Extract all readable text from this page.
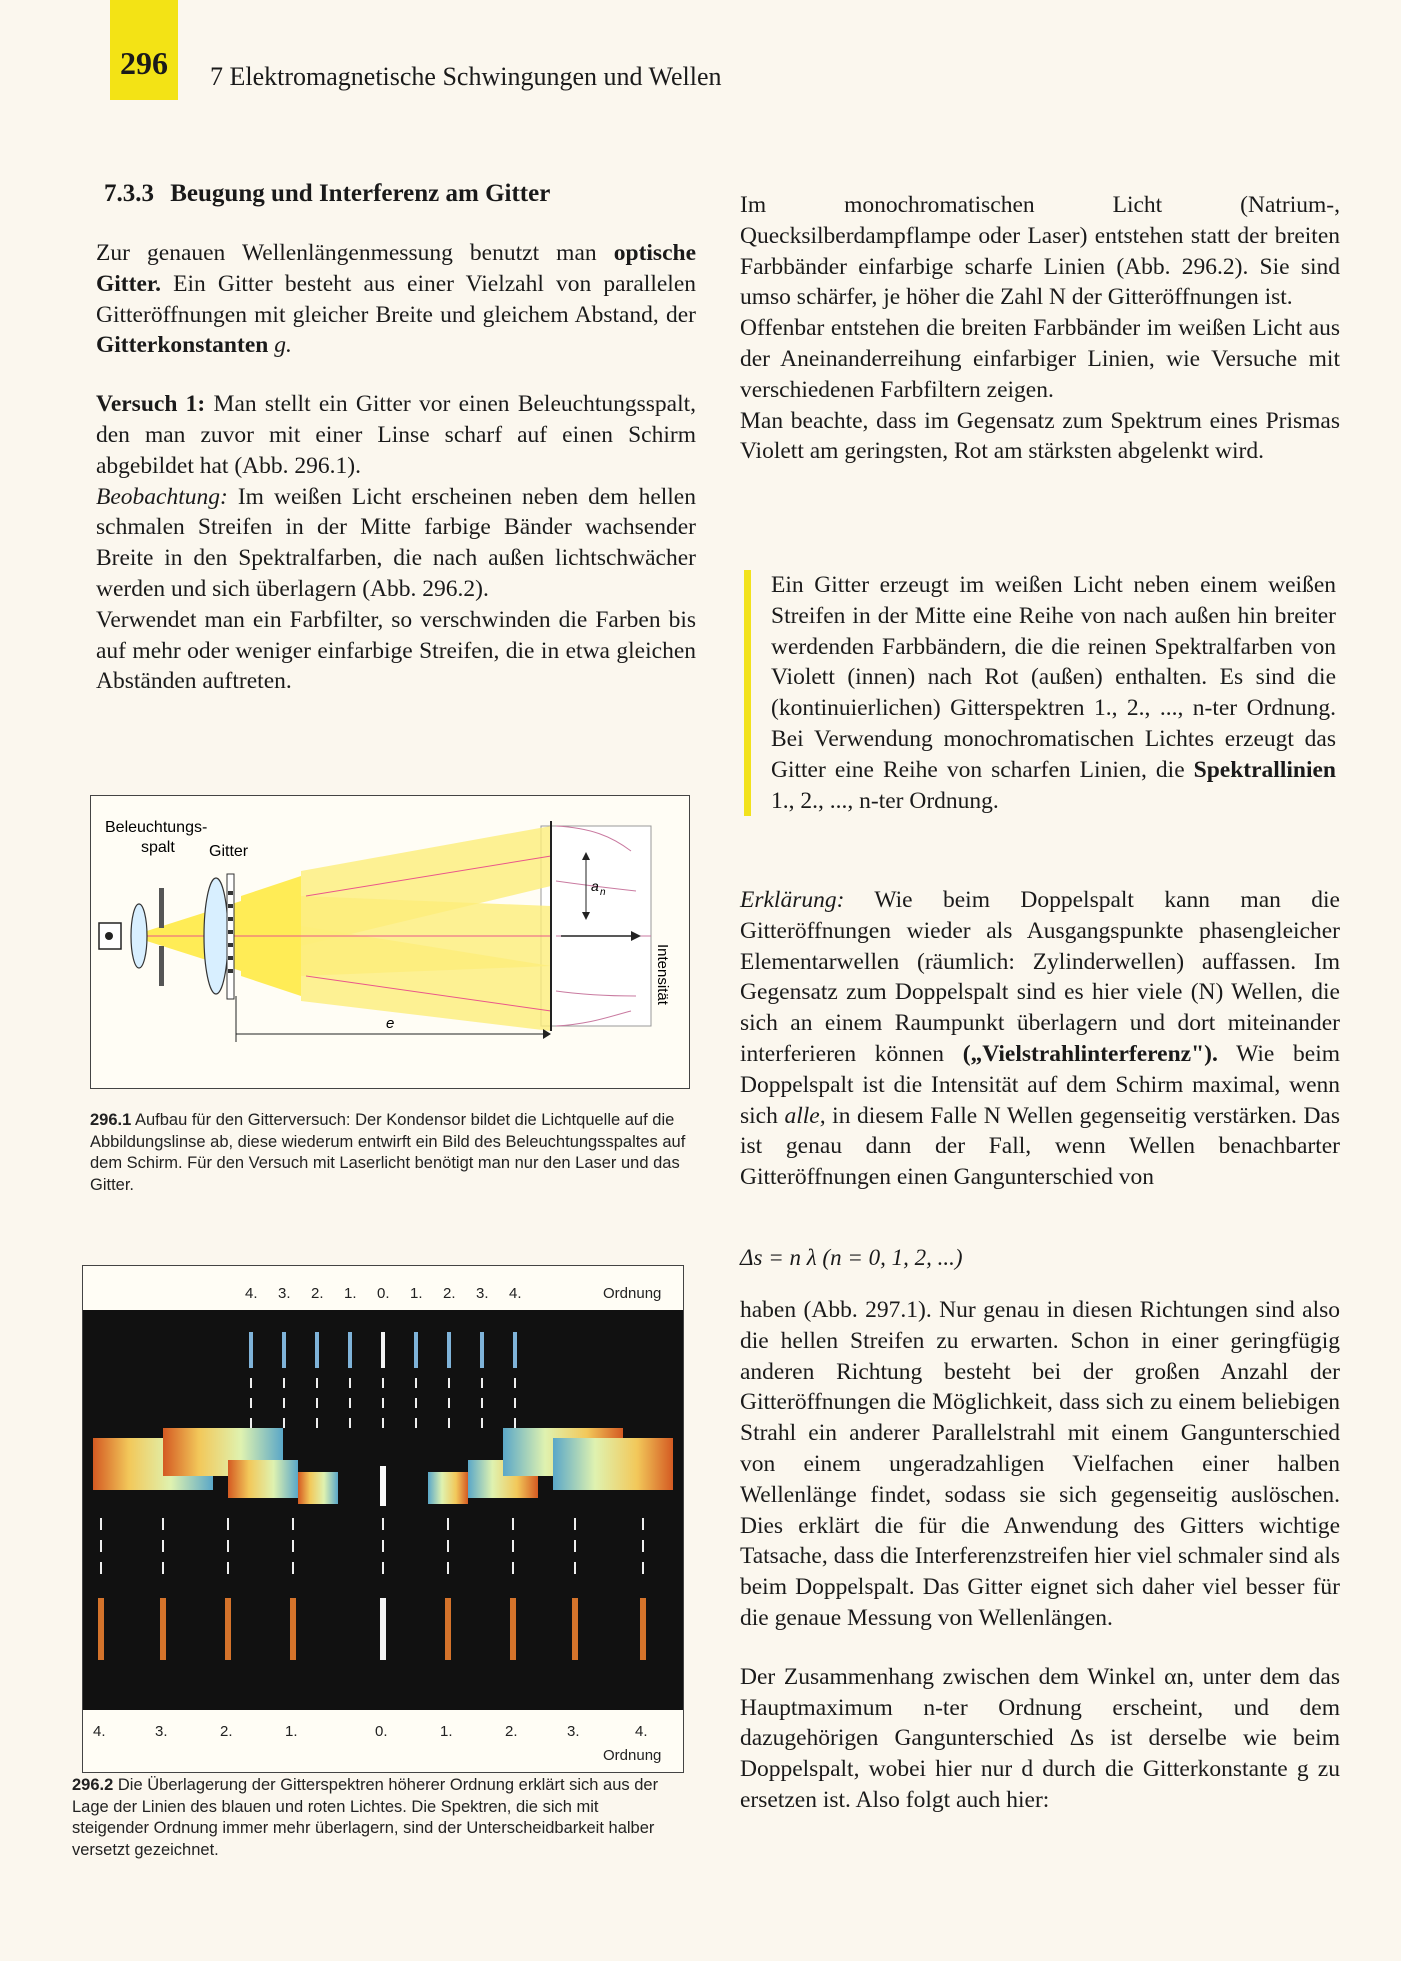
296	7 Elektromagnetische Schwingungen und Wellen
7.3.3 Beugung und Interferenz am Gitter

Zur genauen Wellenlängenmessung benutzt man optische Gitter. Ein Gitter besteht aus einer Vielzahl von parallelen Gitteröffnungen mit gleicher Breite und gleichem Abstand, der Gitterkonstanten g.

Versuch 1: Man stellt ein Gitter vor einen Beleuchtungsspalt, den man zuvor mit einer Linse scharf auf einen Schirm abgebildet hat (Abb. 296.1).

Beobachtung: Im weißen Licht erscheinen neben dem hellen schmalen Streifen in der Mitte farbige Bänder wachsender Breite in den Spektralfarben, die nach außen lichtschwächer werden und sich überlagern (Abb. 296.2).

Verwendet man ein Farbfilter, so verschwinden die Farben bis auf mehr oder weniger einfarbige Streifen, die in etwa gleichen Abständen auftreten.

Beleuchtungs-
spalt Gitter
a n
e
Intensität
296.1 Aufbau für den Gitterversuch: Der Kondensor bildet die Lichtquelle auf die Abbildungslinse ab, diese wiederum entwirft ein Bild des Beleuchtungsspaltes auf dem Schirm. Für den Versuch mit Laserlicht benötigt man nur den Laser und das Gitter.
4. 3. 2. 1. 0. 1. 2. 3. 4.	Ordnung
4.	3.	2.	1.	0.	1.	2.	3.	4.
Ordnung
296.2 Die Überlagerung der Gitterspektren höherer Ordnung erklärt sich aus der Lage der Linien des blauen und roten Lichtes. Die Spektren, die sich mit steigender Ordnung immer mehr überlagern, sind der Unterscheidbarkeit halber versetzt gezeichnet.

Im monochromatischen Licht (Natrium-, Quecksilberdampflampe oder Laser) entstehen statt der breiten Farbbänder einfarbige scharfe Linien (Abb. 296.2). Sie sind umso schärfer, je höher die Zahl N der Gitteröffnungen ist.

Offenbar entstehen die breiten Farbbänder im weißen Licht aus der Aneinanderreihung einfarbiger Linien, wie Versuche mit verschiedenen Farbfiltern zeigen.

Man beachte, dass im Gegensatz zum Spektrum eines Prismas Violett am geringsten, Rot am stärksten abgelenkt wird.

Ein Gitter erzeugt im weißen Licht neben einem weißen Streifen in der Mitte eine Reihe von nach außen hin breiter werdenden Farbbändern, die die reinen Spektralfarben von Violett (innen) nach Rot (außen) enthalten. Es sind die (kontinuierlichen) Gitterspektren 1., 2., ..., n-ter Ordnung. Bei Verwendung monochromatischen Lichtes erzeugt das Gitter eine Reihe von scharfen Linien, die Spektrallinien 1., 2., ..., n-ter Ordnung.

Erklärung: Wie beim Doppelspalt kann man die Gitteröffnungen wieder als Ausgangspunkte phasengleicher Elementarwellen (räumlich: Zylinderwellen) auffassen. Im Gegensatz zum Doppelspalt sind es hier viele (N) Wellen, die sich an einem Raumpunkt überlagern und dort miteinander interferieren können („Vielstrahlinterferenz"). Wie beim Doppelspalt ist die Intensität auf dem Schirm maximal, wenn sich alle, in diesem Falle N Wellen gegenseitig verstärken. Das ist genau dann der Fall, wenn Wellen benachbarter Gitteröffnungen einen Gangunterschied von

Δs = n λ (n = 0, 1, 2, ...)

haben (Abb. 297.1). Nur genau in diesen Richtungen sind also die hellen Streifen zu erwarten. Schon in einer geringfügig anderen Richtung besteht bei der großen Anzahl der Gitteröffnungen die Möglichkeit, dass sich zu einem beliebigen Strahl ein anderer Parallelstrahl mit einem Gangunterschied von einem ungeradzahligen Vielfachen einer halben Wellenlänge findet, sodass sie sich gegenseitig auslöschen. Dies erklärt die für die Anwendung des Gitters wichtige Tatsache, dass die Interferenzstreifen hier viel schmaler sind als beim Doppelspalt. Das Gitter eignet sich daher viel besser für die genaue Messung von Wellenlängen.

Der Zusammenhang zwischen dem Winkel αn, unter dem das Hauptmaximum n-ter Ordnung erscheint, und dem dazugehörigen Gangunterschied Δs ist derselbe wie beim Doppelspalt, wobei hier nur d durch die Gitterkonstante g zu ersetzen ist. Also folgt auch hier:
